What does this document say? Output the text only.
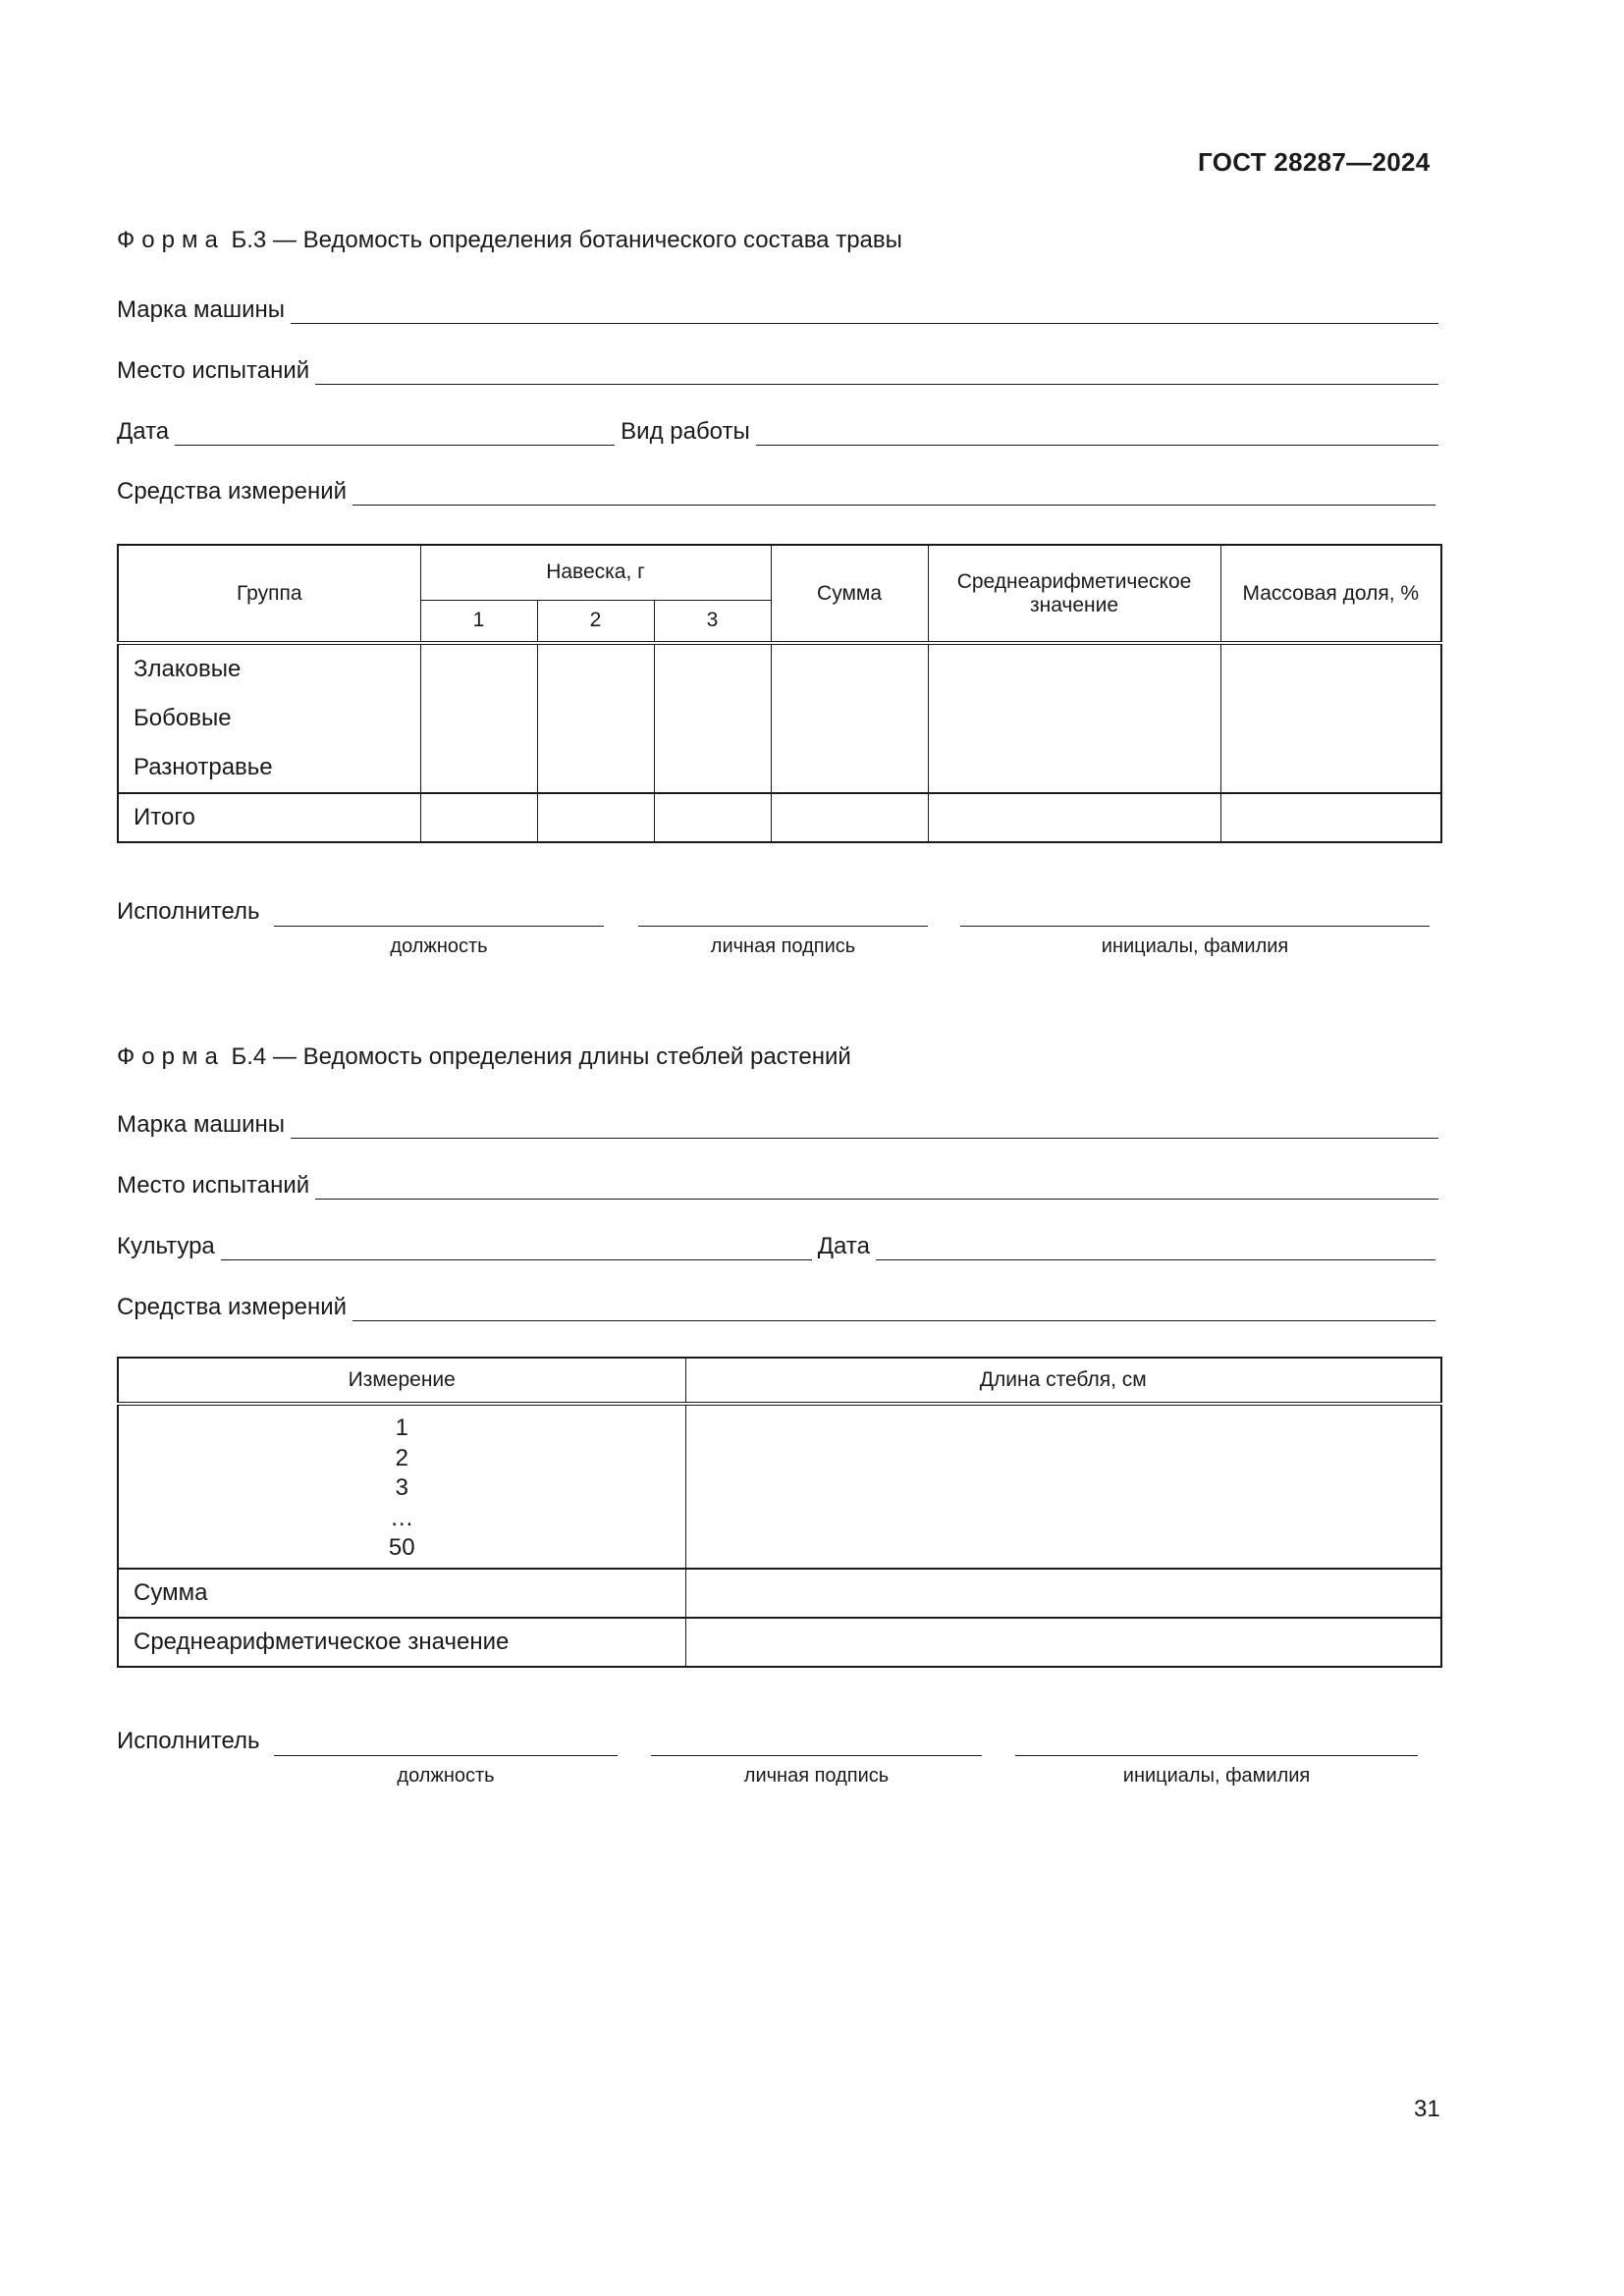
ГОСТ 28287—2024
Форма Б.3 — Ведомость определения ботанического состава травы
Марка машины
Место испытаний
Дата	Вид работы
Средства измерений
Группа	Навеска, г			Сумма	Среднеарифметическое значение	Массовая доля, %
	1	2	3			

Злаковые
Бобовые
Разнотравье						

Итого						
Исполнитель
должность	личная подпись	инициалы, фамилия
Форма Б.4 — Ведомость определения длины стеблей растений
Марка машины
Место испытаний
Культура	Дата
Средства измерений
Измерение	Длина стебля, см

1
2
3
…
50	

Сумма	
Среднеарифметическое значение	
Исполнитель
должность	личная подпись	инициалы, фамилия
31
